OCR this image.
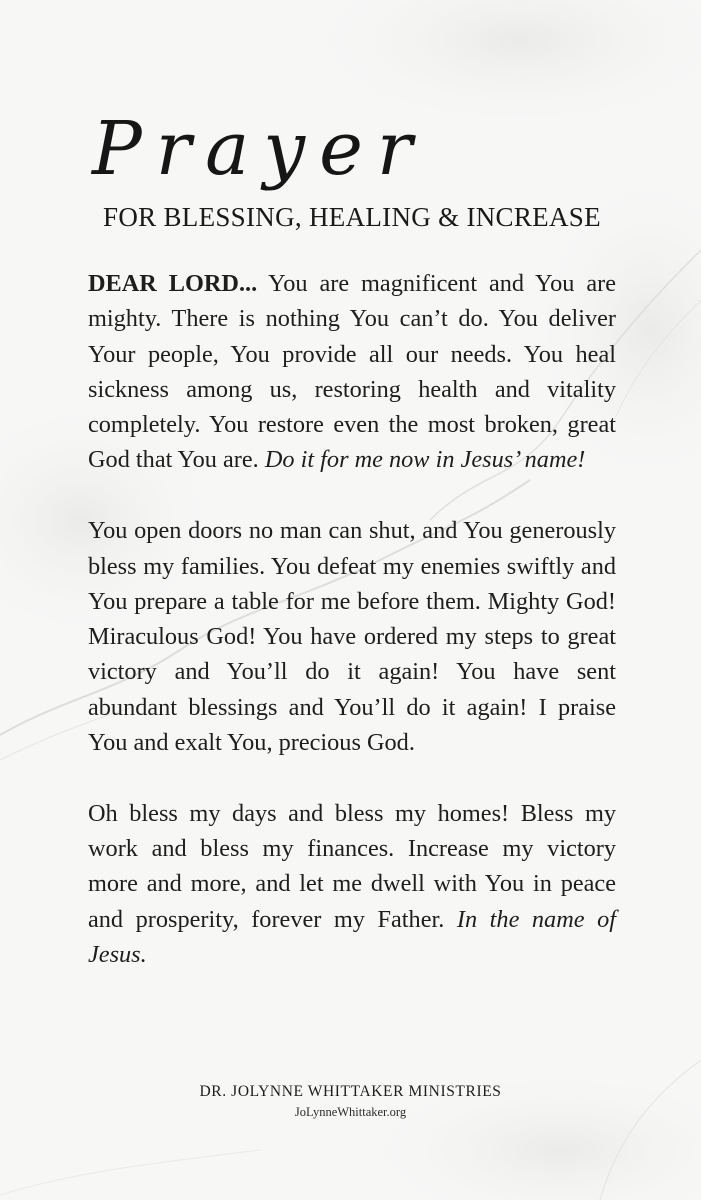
Prayer
FOR BLESSING, HEALING & INCREASE

DEAR LORD... You are magnificent and You are mighty. There is nothing You can’t do. You deliver Your people, You provide all our needs. You heal sickness among us, restoring health and vitality completely. You restore even the most broken, great God that You are. Do it for me now in Jesus’ name!

You open doors no man can shut, and You generously bless my families. You defeat my enemies swiftly and You prepare a table for me before them. Mighty God! Miraculous God! You have ordered my steps to great victory and You’ll do it again! You have sent abundant blessings and You’ll do it again! I praise You and exalt You, precious God.

Oh bless my days and bless my homes! Bless my work and bless my finances. Increase my victory more and more, and let me dwell with You in peace and prosperity, forever my Father. In the name of Jesus.

DR. JOLYNNE WHITTAKER MINISTRIES
JoLynneWhittaker.org
